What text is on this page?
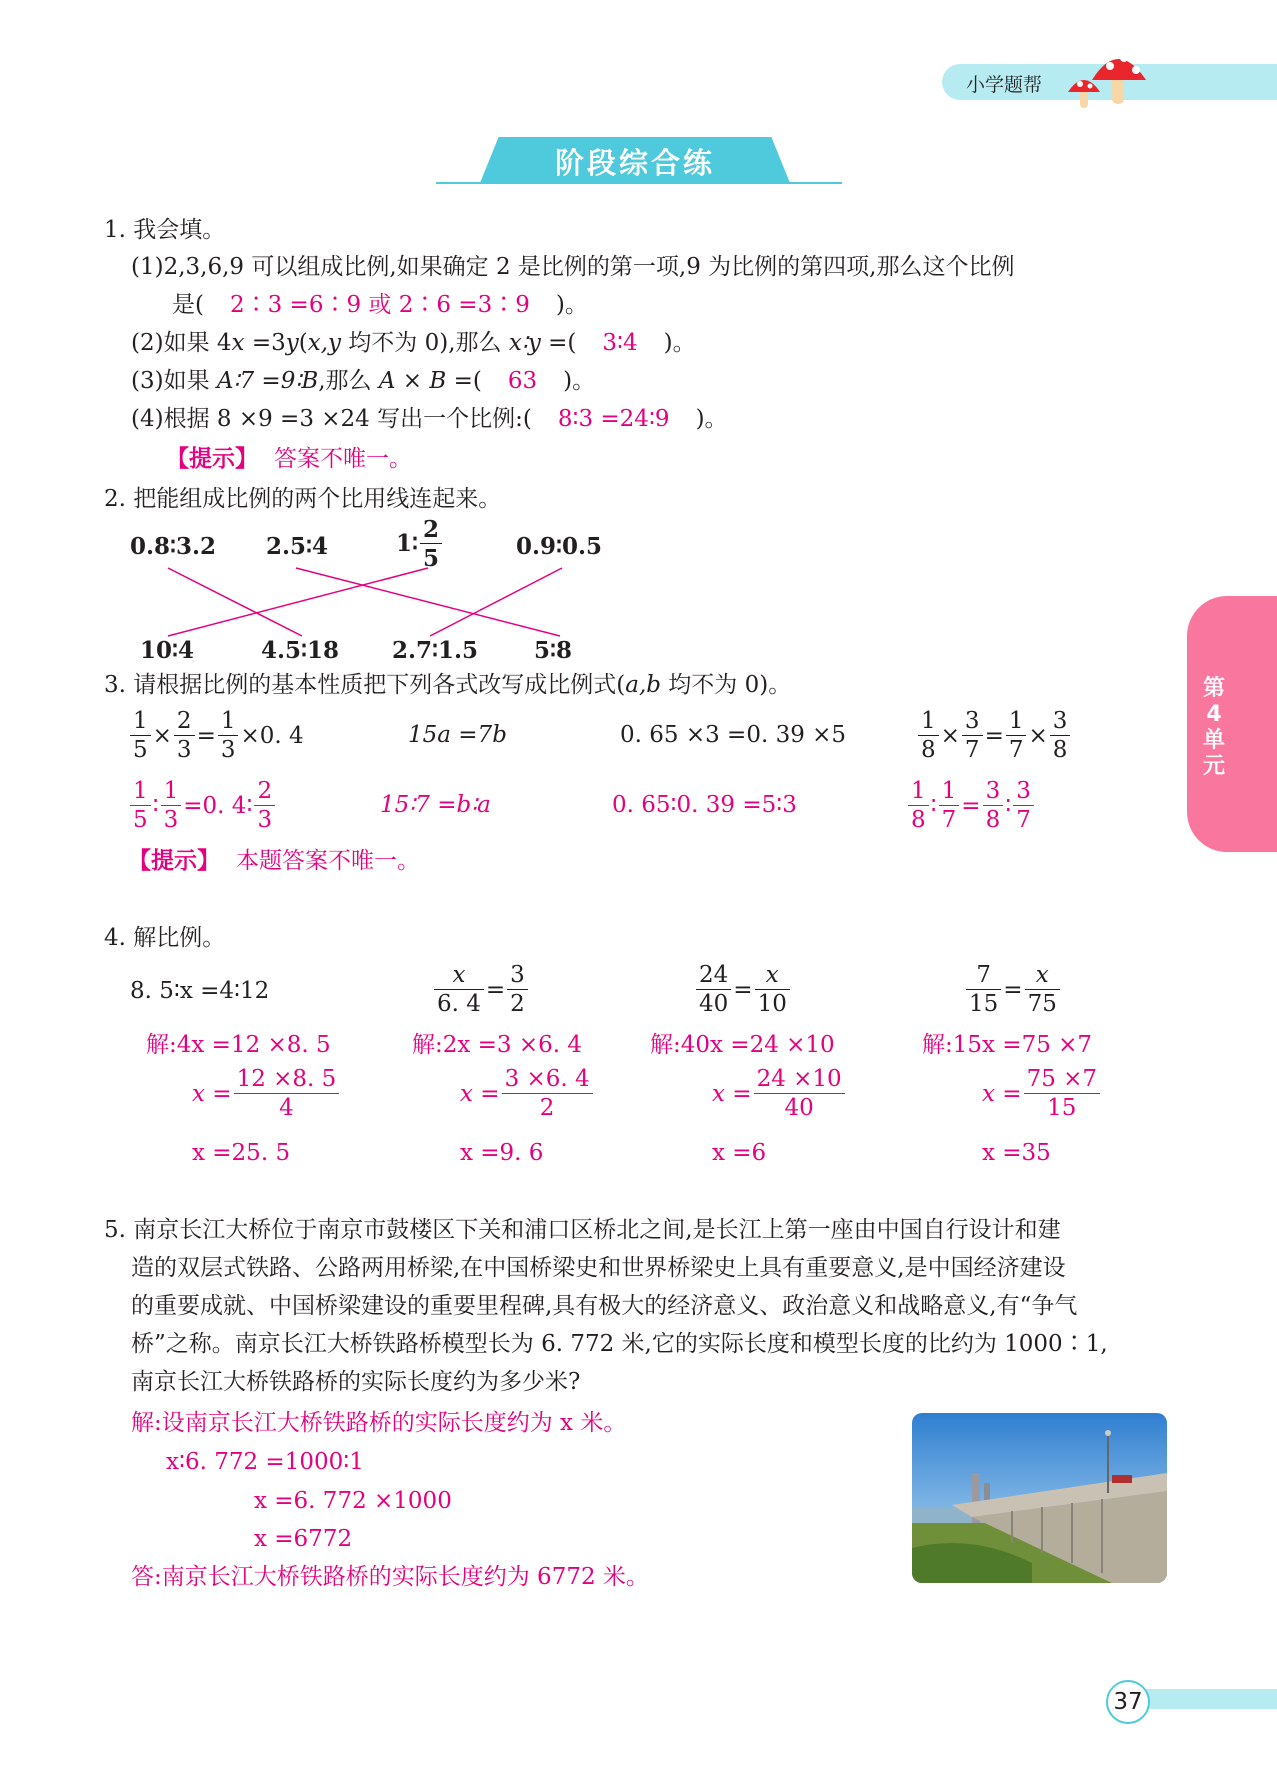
小学题帮
阶段综合练
第4单元
1. 我会填。
(1)2,3,6,9 可以组成比例,如果确定 2 是比例的第一项,9 为比例的第四项,那么这个比例
是( 2∶3 =6∶9 或 2∶6 =3∶9 )。
(2)如果 4x =3y(x,y 均不为 0),那么 x∶y =( 3∶4 )。
(3)如果 A∶7 =9∶B,那么 A × B =( 63 )。
(4)根据 8 ×9 =3 ×24 写出一个比例:( 8∶3 =24∶9 )。
【提示】 答案不唯一。
2. 把能组成比例的两个比用线连起来。
0.8∶3.2 2.5∶4	1∶ $\frac{2}{5}$	0.9∶0.5
10∶4	4.5∶18 2.7∶1.5 5∶8
3. 请根据比例的基本性质把下列各式改写成比例式(a,b 均不为 0)。
$\frac{1}{5} \times \frac{2}{3} = \frac{1}{3} \times 0$. 4	15a =7b	0. 65 ×3 =0. 39 ×5	$\frac{1}{8} \times \frac{3}{7} = \frac{1}{7} \times \frac{3}{8}$
$\frac{1}{5}$ ∶ $\frac{1}{3} =0$. 4∶ $\frac{2}{3}$	15∶7 =b∶a	0. 65∶0. 39 =5∶3	$\frac{1}{8}$ ∶ $\frac{1}{7} = \frac{3}{8}$ ∶ $\frac{3}{7}$
【提示】 本题答案不唯一。
4. 解比例。
8. 5∶x =4∶12	$\frac{x}{6. 4} = \frac{3}{2}$	$\frac{24}{40} = \frac{x}{10}$	$\frac{7}{15} = \frac{x}{75}$
解:4x =12 ×8. 5
$x = \frac{12 \times 8. 5}{4}$
x =25. 5
解:2x =3 ×6. 4
$x = \frac{3 \times 6. 4}{2}$
x =9. 6
解:40x =24 ×10
$x = \frac{24 \times 10}{40}$
x =6
解:15x =75 ×7
$x = \frac{75 \times 7}{15}$
x =35
5. 南京长江大桥位于南京市鼓楼区下关和浦口区桥北之间,是长江上第一座由中国自行设计和建
造的双层式铁路、公路两用桥梁,在中国桥梁史和世界桥梁史上具有重要意义,是中国经济建设
的重要成就、中国桥梁建设的重要里程碑,具有极大的经济意义、政治意义和战略意义,有“争气
桥”之称。南京长江大桥铁路桥模型长为 6. 772 米,它的实际长度和模型长度的比约为 1000∶1,
南京长江大桥铁路桥的实际长度约为多少米?
解:设南京长江大桥铁路桥的实际长度约为 x 米。
x∶6. 772 =1000∶1
x =6. 772 ×1000
x =6772
答:南京长江大桥铁路桥的实际长度约为 6772 米。
37
